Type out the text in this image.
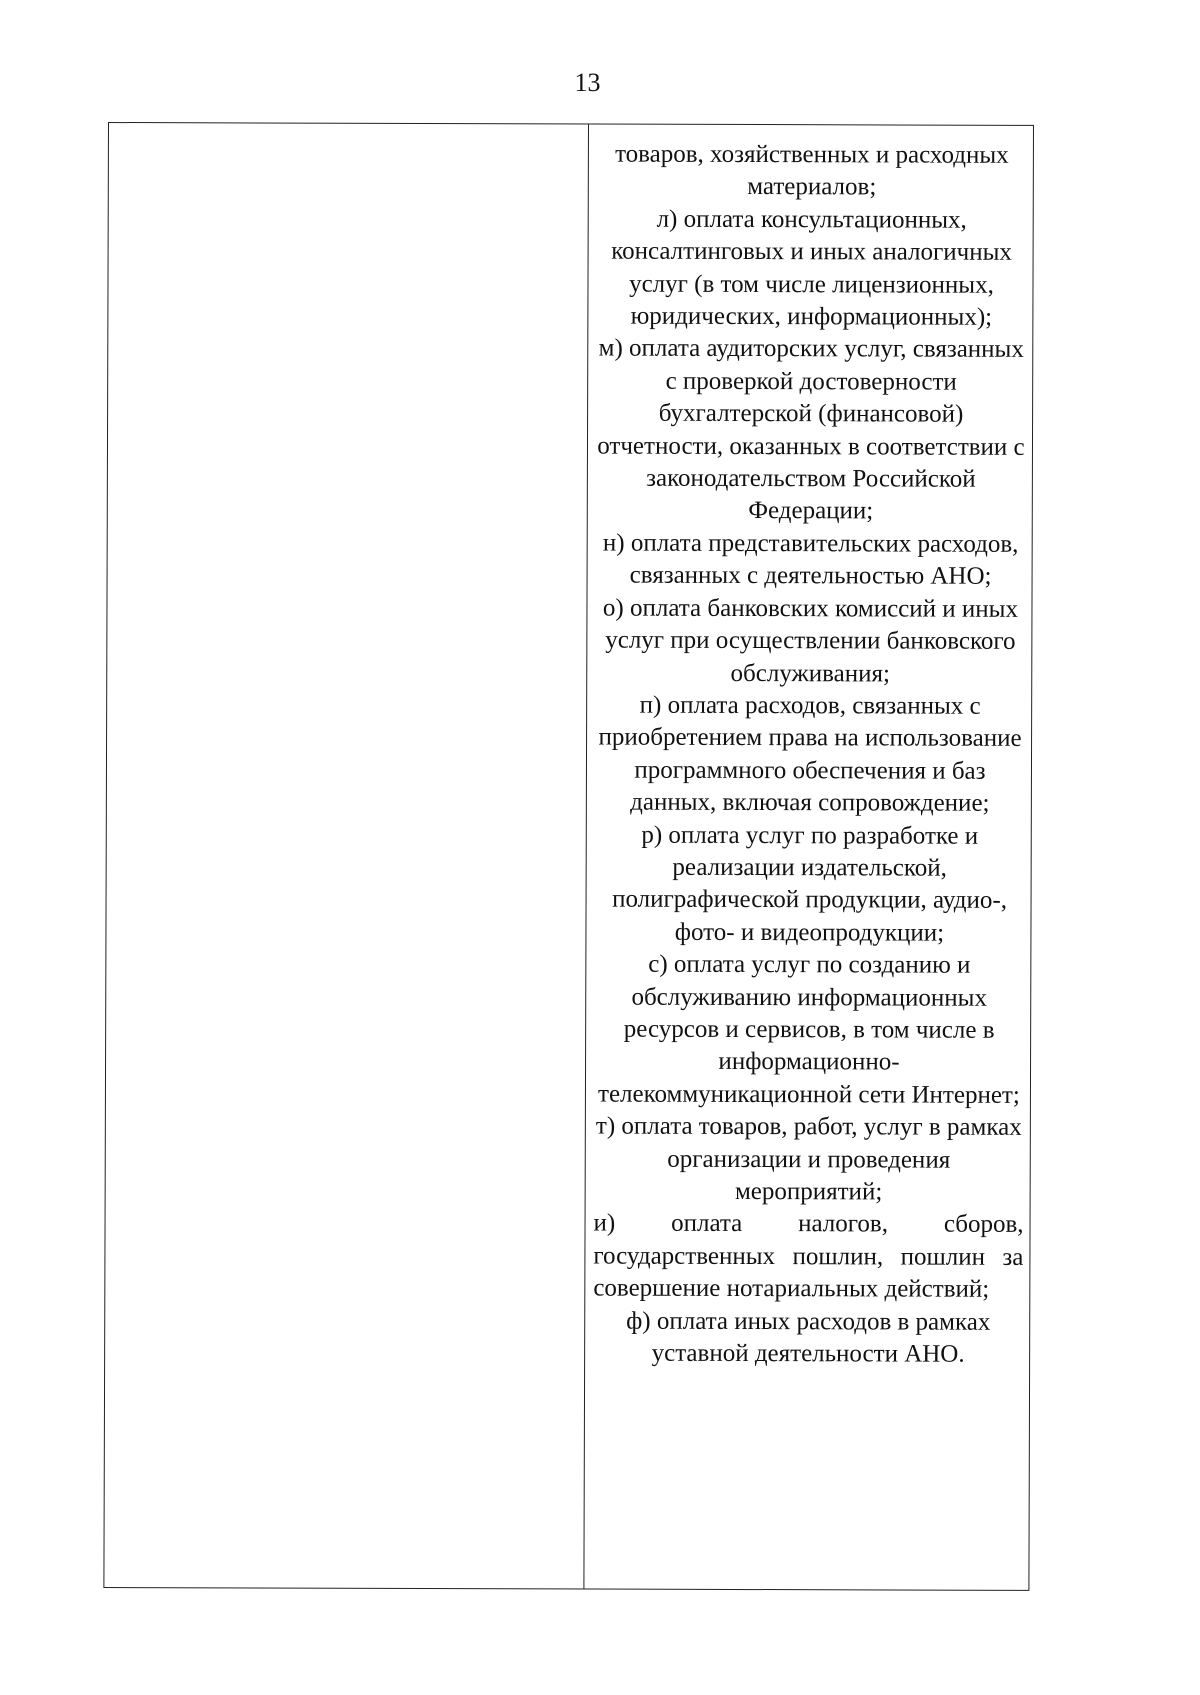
13

товаров, хозяйственных и расходных материалов;

л) оплата консультационных, консалтинговых и иных аналогичных услуг (в том числе лицензионных, юридических, информационных);

м) оплата аудиторских услуг, связанных с проверкой достоверности бухгалтерской (финансовой) отчетности, оказанных в соответствии с законодательством Российской Федерации;

н) оплата представительских расходов, связанных с деятельностью АНО;

о) оплата банковских комиссий и иных услуг при осуществлении банковского обслуживания;

п) оплата расходов, связанных с приобретением права на использование программного обеспечения и баз данных, включая сопровождение;

р) оплата услуг по разработке и реализации издательской, полиграфической продукции, аудио-, фото- и видеопродукции;

с) оплата услуг по созданию и обслуживанию информационных ресурсов и сервисов, в том числе в информационно-телекоммуникационной сети Интернет;

т) оплата товаров, работ, услуг в рамках организации и проведения мероприятий;

и) оплата налогов, сборов, государственных пошлин, пошлин за совершение нотариальных действий;

ф) оплата иных расходов в рамках уставной деятельности АНО.
